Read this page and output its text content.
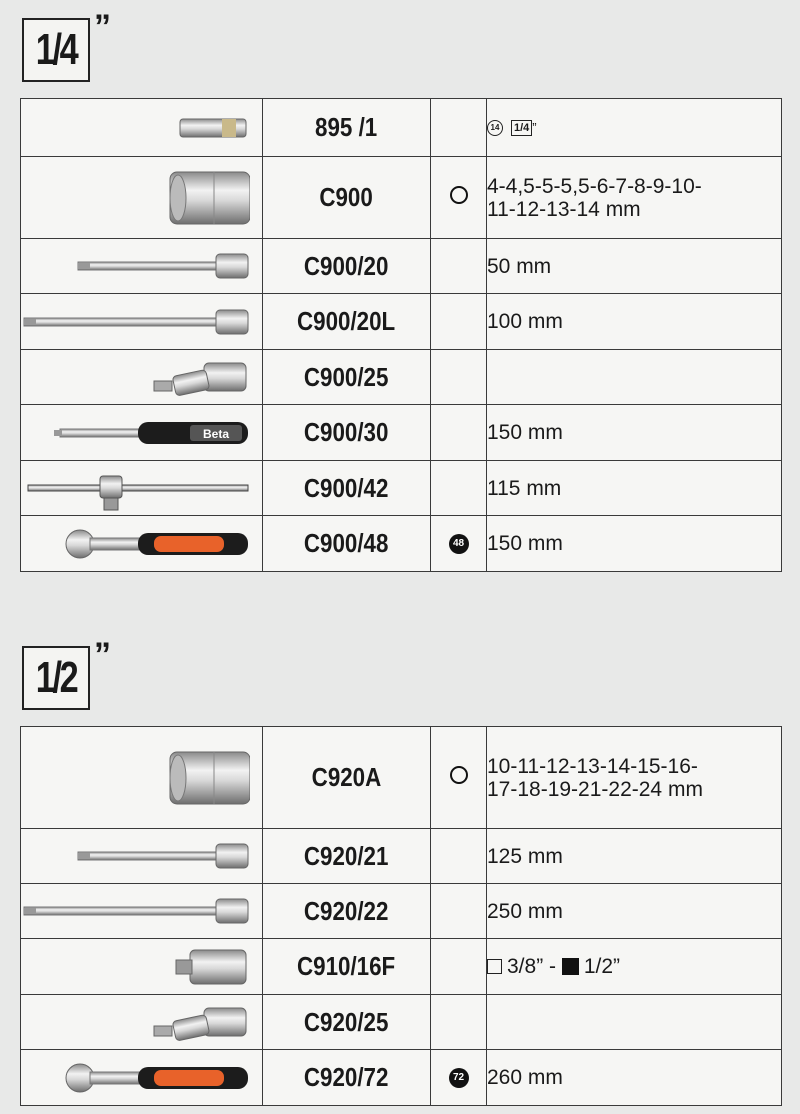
1/4 ”
	895 /1		14 1/4 ”

	C900		4-4,5-5-5,5-6-7-8-9-10-
11-12-13-14 mm

	C900/20		50 mm

	C900/20L		100 mm

	C900/25		

Beta	C900/30		150 mm

	C900/42		115 mm

	C900/48	48	150 mm
1/2 ”
	C920A		10-11-12-13-14-15-16-
17-18-19-21-22-24 mm

	C920/21		125 mm

	C920/22		250 mm

	C910/16F		3/8” - 1/2”

	C920/25		

	C920/72	72	260 mm
